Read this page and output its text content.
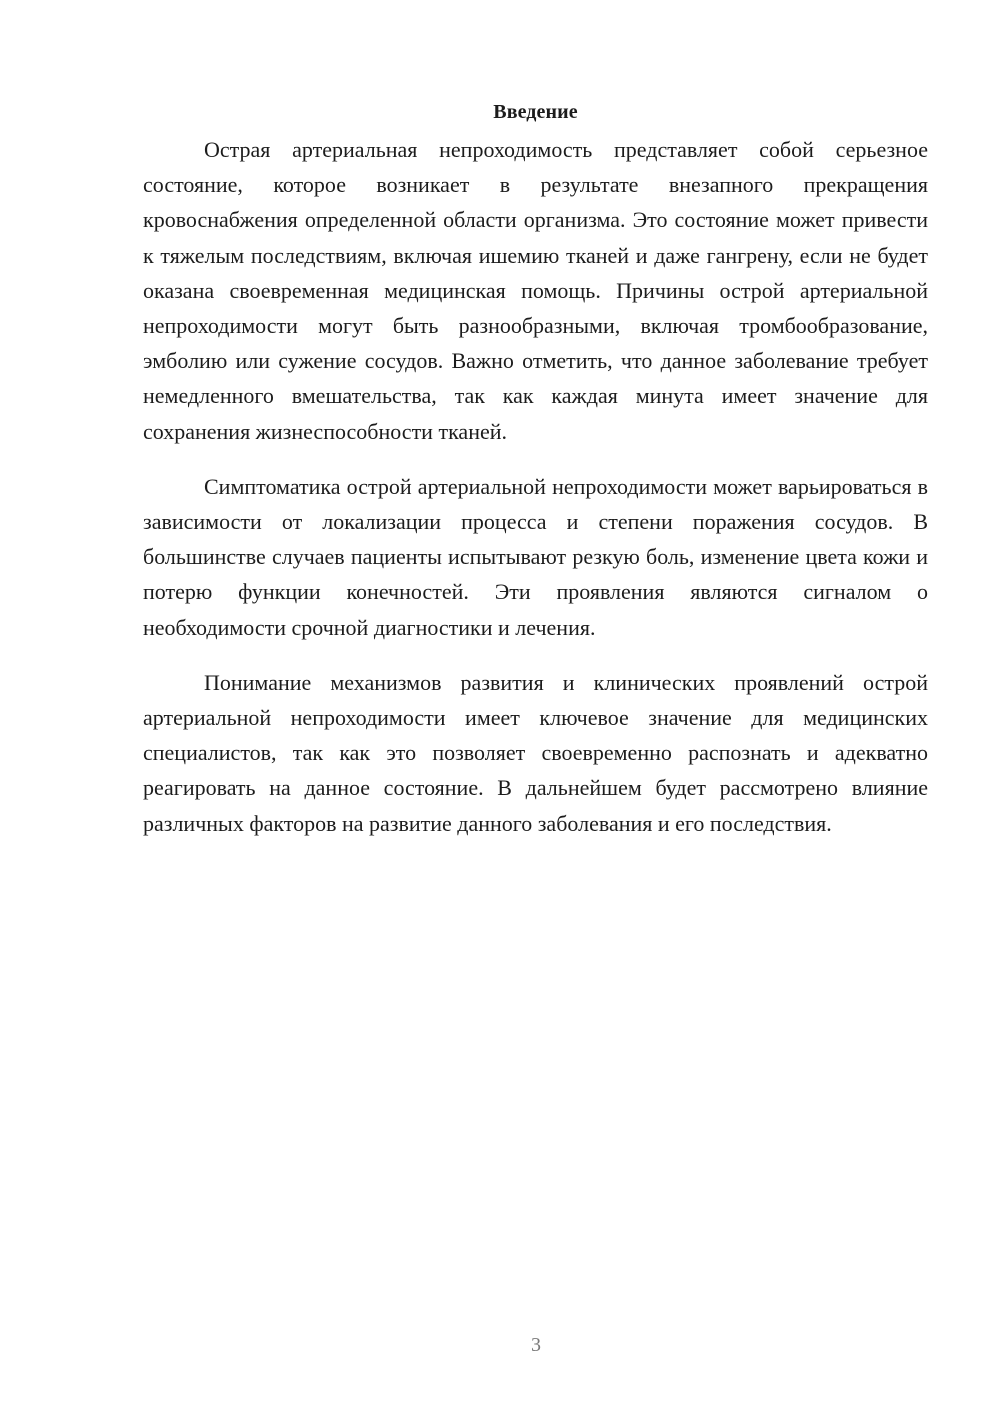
Введение

Острая артериальная непроходимость представляет собой серьезное состояние, которое возникает в результате внезапного прекращения кровоснабжения определенной области организма. Это состояние может привести к тяжелым последствиям, включая ишемию тканей и даже гангрену, если не будет оказана своевременная медицинская помощь. Причины острой артериальной непроходимости могут быть разнообразными, включая тромбообразование, эмболию или сужение сосудов. Важно отметить, что данное заболевание требует немедленного вмешательства, так как каждая минута имеет значение для сохранения жизнеспособности тканей.

Симптоматика острой артериальной непроходимости может варьироваться в зависимости от локализации процесса и степени поражения сосудов. В большинстве случаев пациенты испытывают резкую боль, изменение цвета кожи и потерю функции конечностей. Эти проявления являются сигналом о необходимости срочной диагностики и лечения.

Понимание механизмов развития и клинических проявлений острой артериальной непроходимости имеет ключевое значение для медицинских специалистов, так как это позволяет своевременно распознать и адекватно реагировать на данное состояние. В дальнейшем будет рассмотрено влияние различных факторов на развитие данного заболевания и его последствия.

3
